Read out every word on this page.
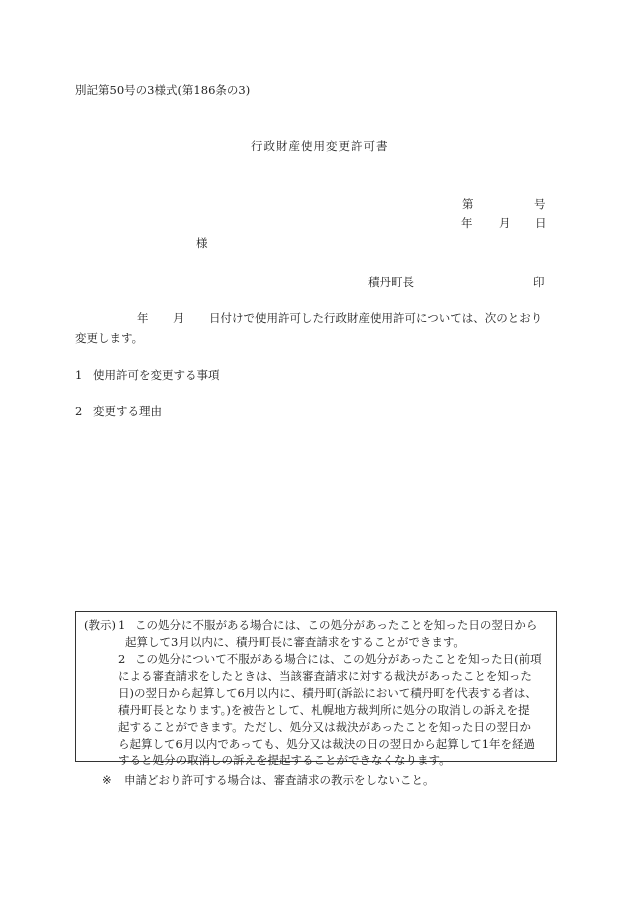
別記第50号の3様式(第186条の3)
行政財産使用変更許可書
第	号
年 月 日
様
積丹町長	印
年 月 日付けで使用許可した行政財産使用許可については、次のとおり
変更します。
1 使用許可を変更する事項
2 変更する理由
(教示) 1 この処分に不服がある場合には、この処分があったことを知った日の翌日から
起算して3月以内に、積丹町長に審査請求をすることができます。
2 この処分について不服がある場合には、この処分があったことを知った日(前項
による審査請求をしたときは、当該審査請求に対する裁決があったことを知った
日)の翌日から起算して6月以内に、積丹町(訴訟において積丹町を代表する者は、
積丹町長となります。)を被告として、札幌地方裁判所に処分の取消しの訴えを提
起することができます。ただし、処分又は裁決があったことを知った日の翌日か
ら起算して6月以内であっても、処分又は裁決の日の翌日から起算して1年を経過
すると処分の取消しの訴えを提起することができなくなります。
※ 申請どおり許可する場合は、審査請求の教示をしないこと。
